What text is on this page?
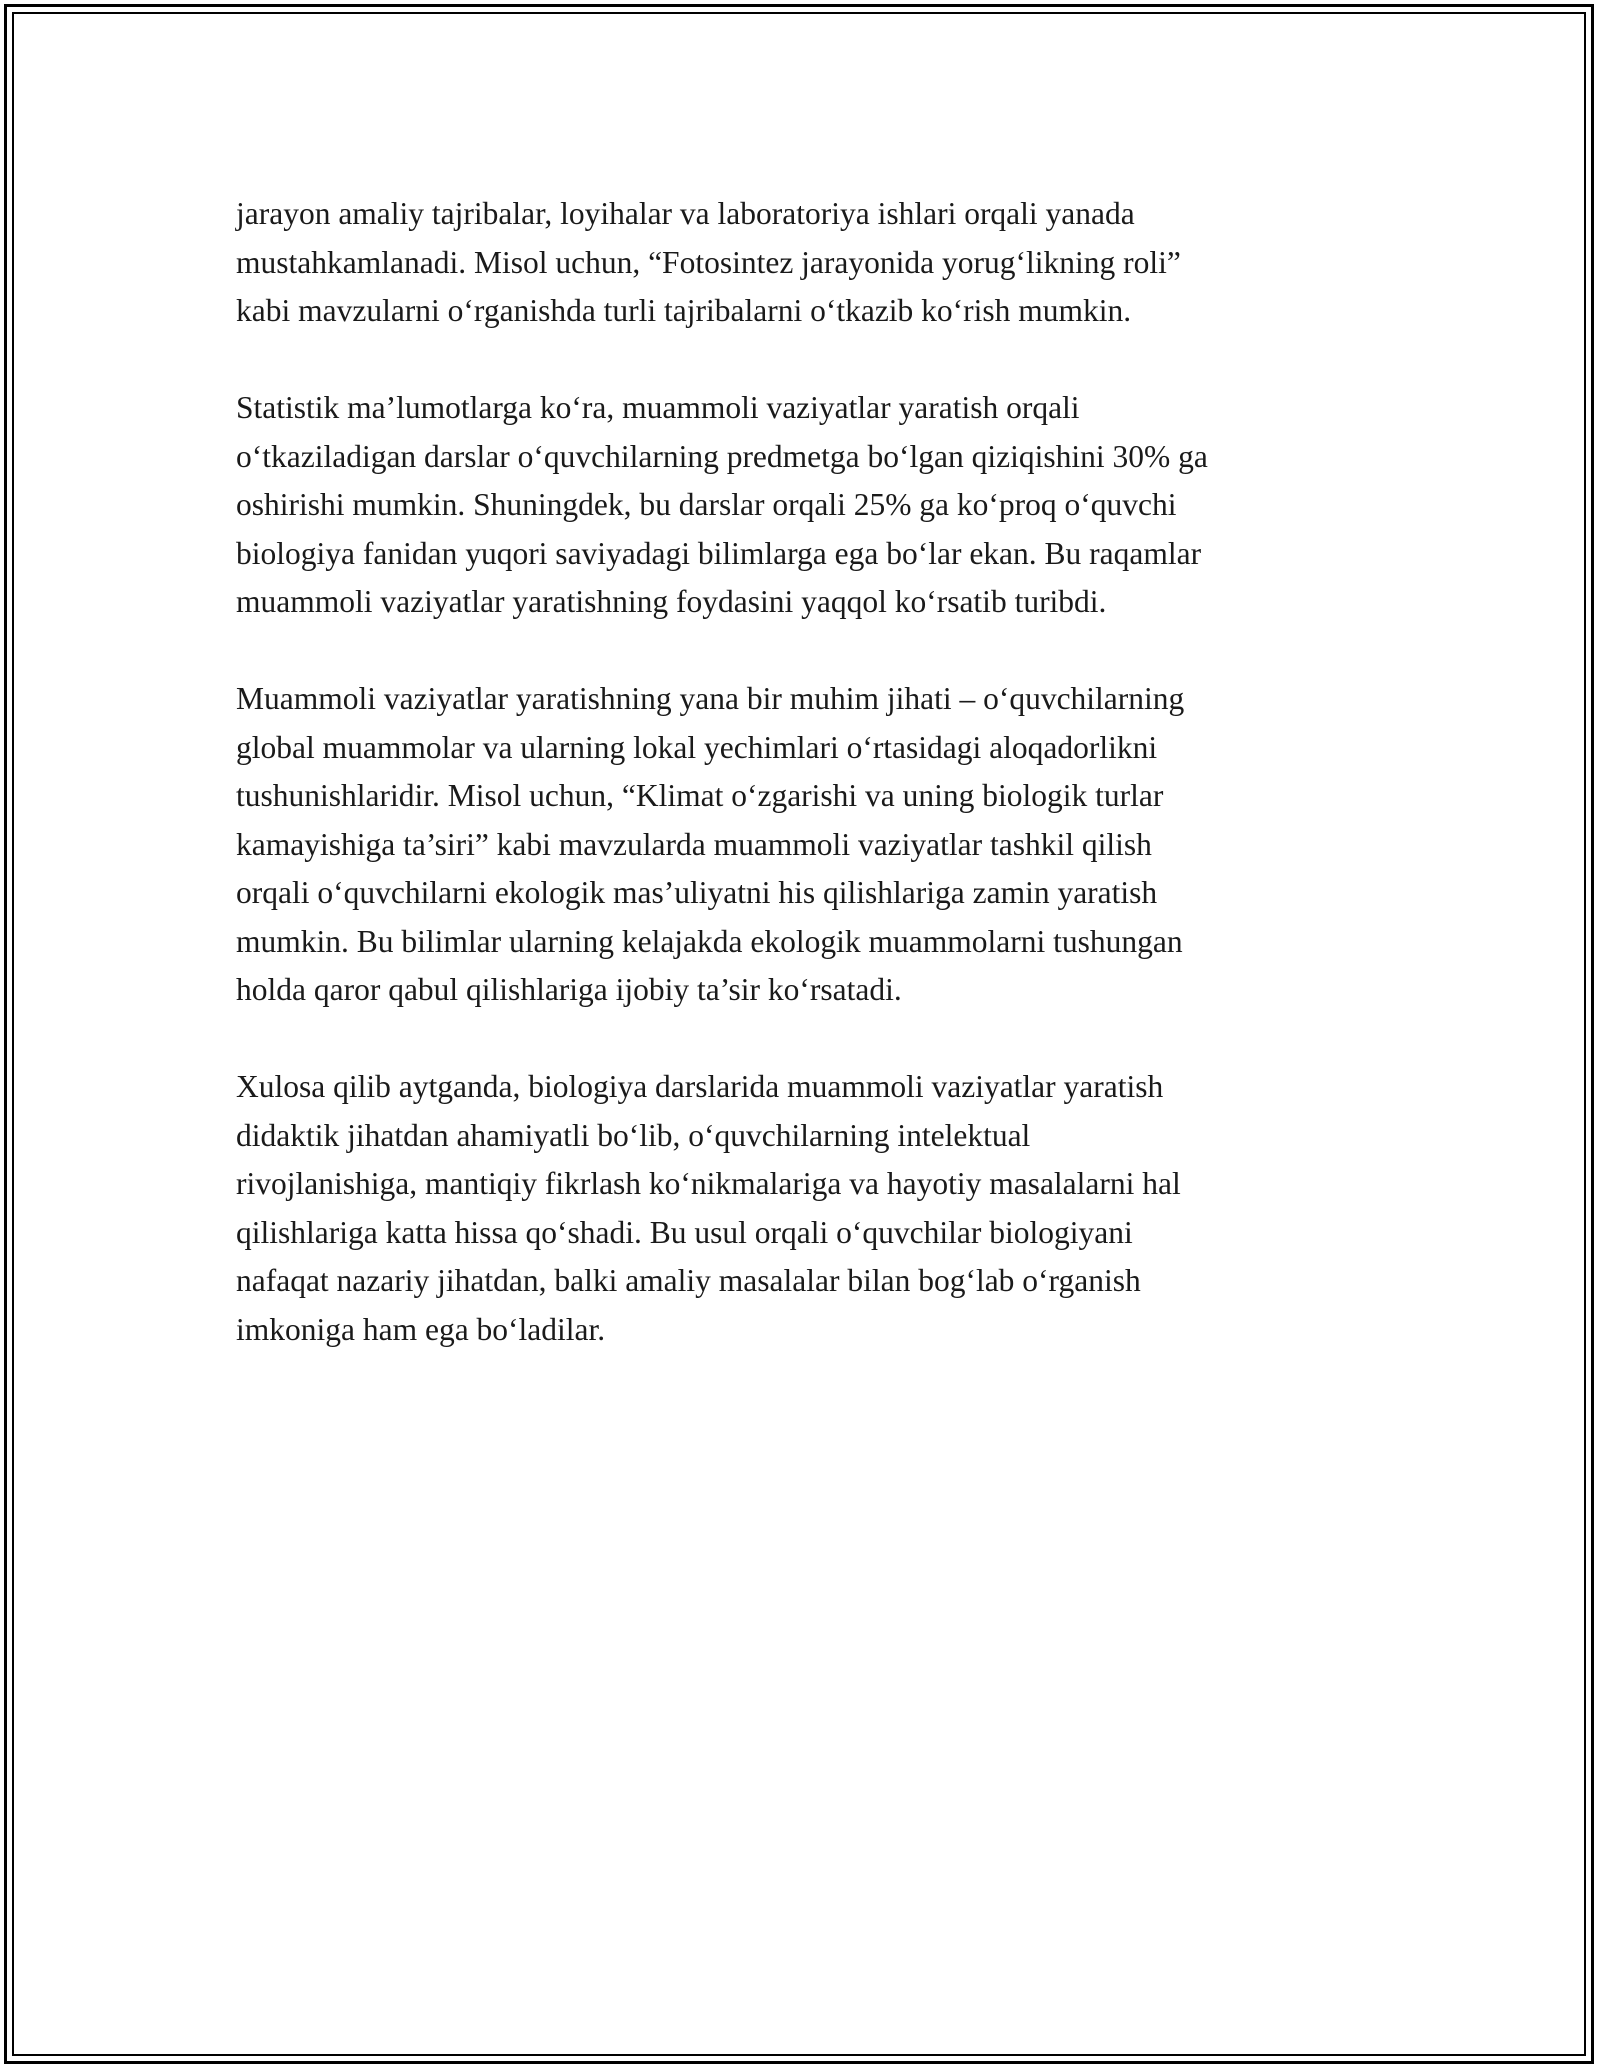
jarayon amaliy tajribalar, loyihalar va laboratoriya ishlari orqali yanada
mustahkamlanadi. Misol uchun, “Fotosintez jarayonida yorug‘likning roli”
kabi mavzularni o‘rganishda turli tajribalarni o‘tkazib ko‘rish mumkin.

Statistik ma’lumotlarga ko‘ra, muammoli vaziyatlar yaratish orqali
o‘tkaziladigan darslar o‘quvchilarning predmetga bo‘lgan qiziqishini 30% ga
oshirishi mumkin. Shuningdek, bu darslar orqali 25% ga ko‘proq o‘quvchi
biologiya fanidan yuqori saviyadagi bilimlarga ega bo‘lar ekan. Bu raqamlar
muammoli vaziyatlar yaratishning foydasini yaqqol ko‘rsatib turibdi.

Muammoli vaziyatlar yaratishning yana bir muhim jihati – o‘quvchilarning
global muammolar va ularning lokal yechimlari o‘rtasidagi aloqadorlikni
tushunishlaridir. Misol uchun, “Klimat o‘zgarishi va uning biologik turlar
kamayishiga ta’siri” kabi mavzularda muammoli vaziyatlar tashkil qilish
orqali o‘quvchilarni ekologik mas’uliyatni his qilishlariga zamin yaratish
mumkin. Bu bilimlar ularning kelajakda ekologik muammolarni tushungan
holda qaror qabul qilishlariga ijobiy ta’sir ko‘rsatadi.

Xulosa qilib aytganda, biologiya darslarida muammoli vaziyatlar yaratish
didaktik jihatdan ahamiyatli bo‘lib, o‘quvchilarning intelektual
rivojlanishiga, mantiqiy fikrlash ko‘nikmalariga va hayotiy masalalarni hal
qilishlariga katta hissa qo‘shadi. Bu usul orqali o‘quvchilar biologiyani
nafaqat nazariy jihatdan, balki amaliy masalalar bilan bog‘lab o‘rganish
imkoniga ham ega bo‘ladilar.
